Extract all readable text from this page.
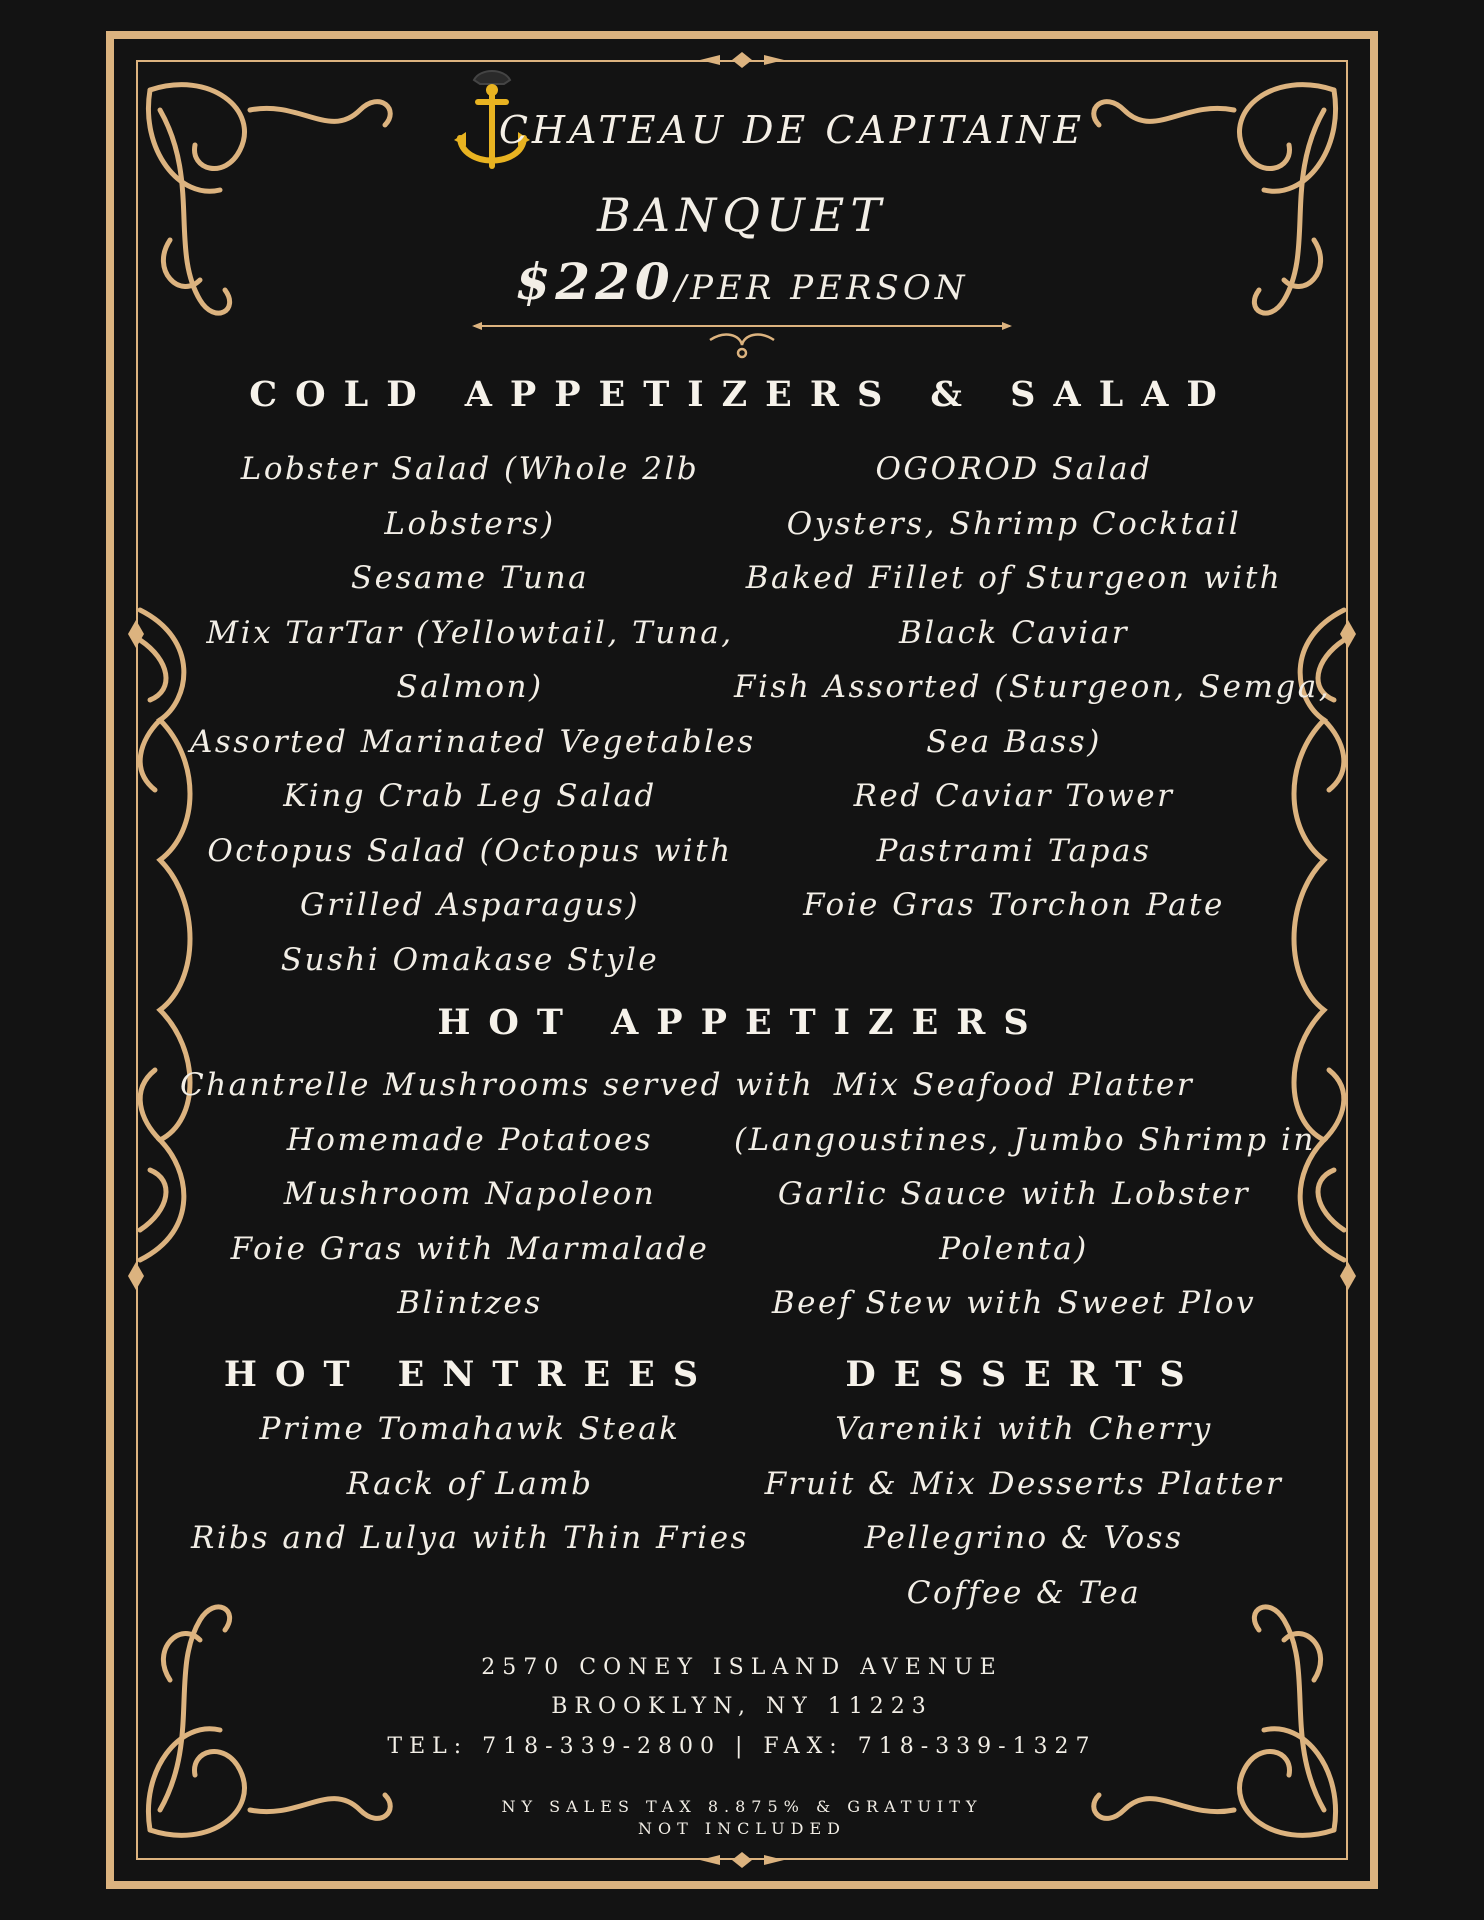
CHATEAU DE CAPITAINE
BANQUET
$220/PER PERSON
COLD APPETIZERS & SALAD
Lobster Salad (Whole 2lb
Lobsters)
Sesame Tuna
Mix TarTar (Yellowtail, Tuna,
Salmon)
Assorted Marinated Vegetables
King Crab Leg Salad
Octopus Salad (Octopus with
Grilled Asparagus)
Sushi Omakase Style
OGOROD Salad
Oysters, Shrimp Cocktail
Baked Fillet of Sturgeon with
Black Caviar
Fish Assorted (Sturgeon, Semga,
Sea Bass)
Red Caviar Tower
Pastrami Tapas
Foie Gras Torchon Pate
HOT APPETIZERS
Chantrelle Mushrooms served with
Homemade Potatoes
Mushroom Napoleon
Foie Gras with Marmalade
Blintzes
Mix Seafood Platter
(Langoustines, Jumbo Shrimp in
Garlic Sauce with Lobster
Polenta)
Beef Stew with Sweet Plov
HOT ENTREES	DESSERTS
Prime Tomahawk Steak
Rack of Lamb
Ribs and Lulya with Thin Fries
Vareniki with Cherry
Fruit & Mix Desserts Platter
Pellegrino & Voss
Coffee & Tea
2570 CONEY ISLAND AVENUE
BROOKLYN, NY 11223
TEL: 718-339-2800 | FAX: 718-339-1327
NY SALES TAX 8.875% & GRATUITY
NOT INCLUDED
